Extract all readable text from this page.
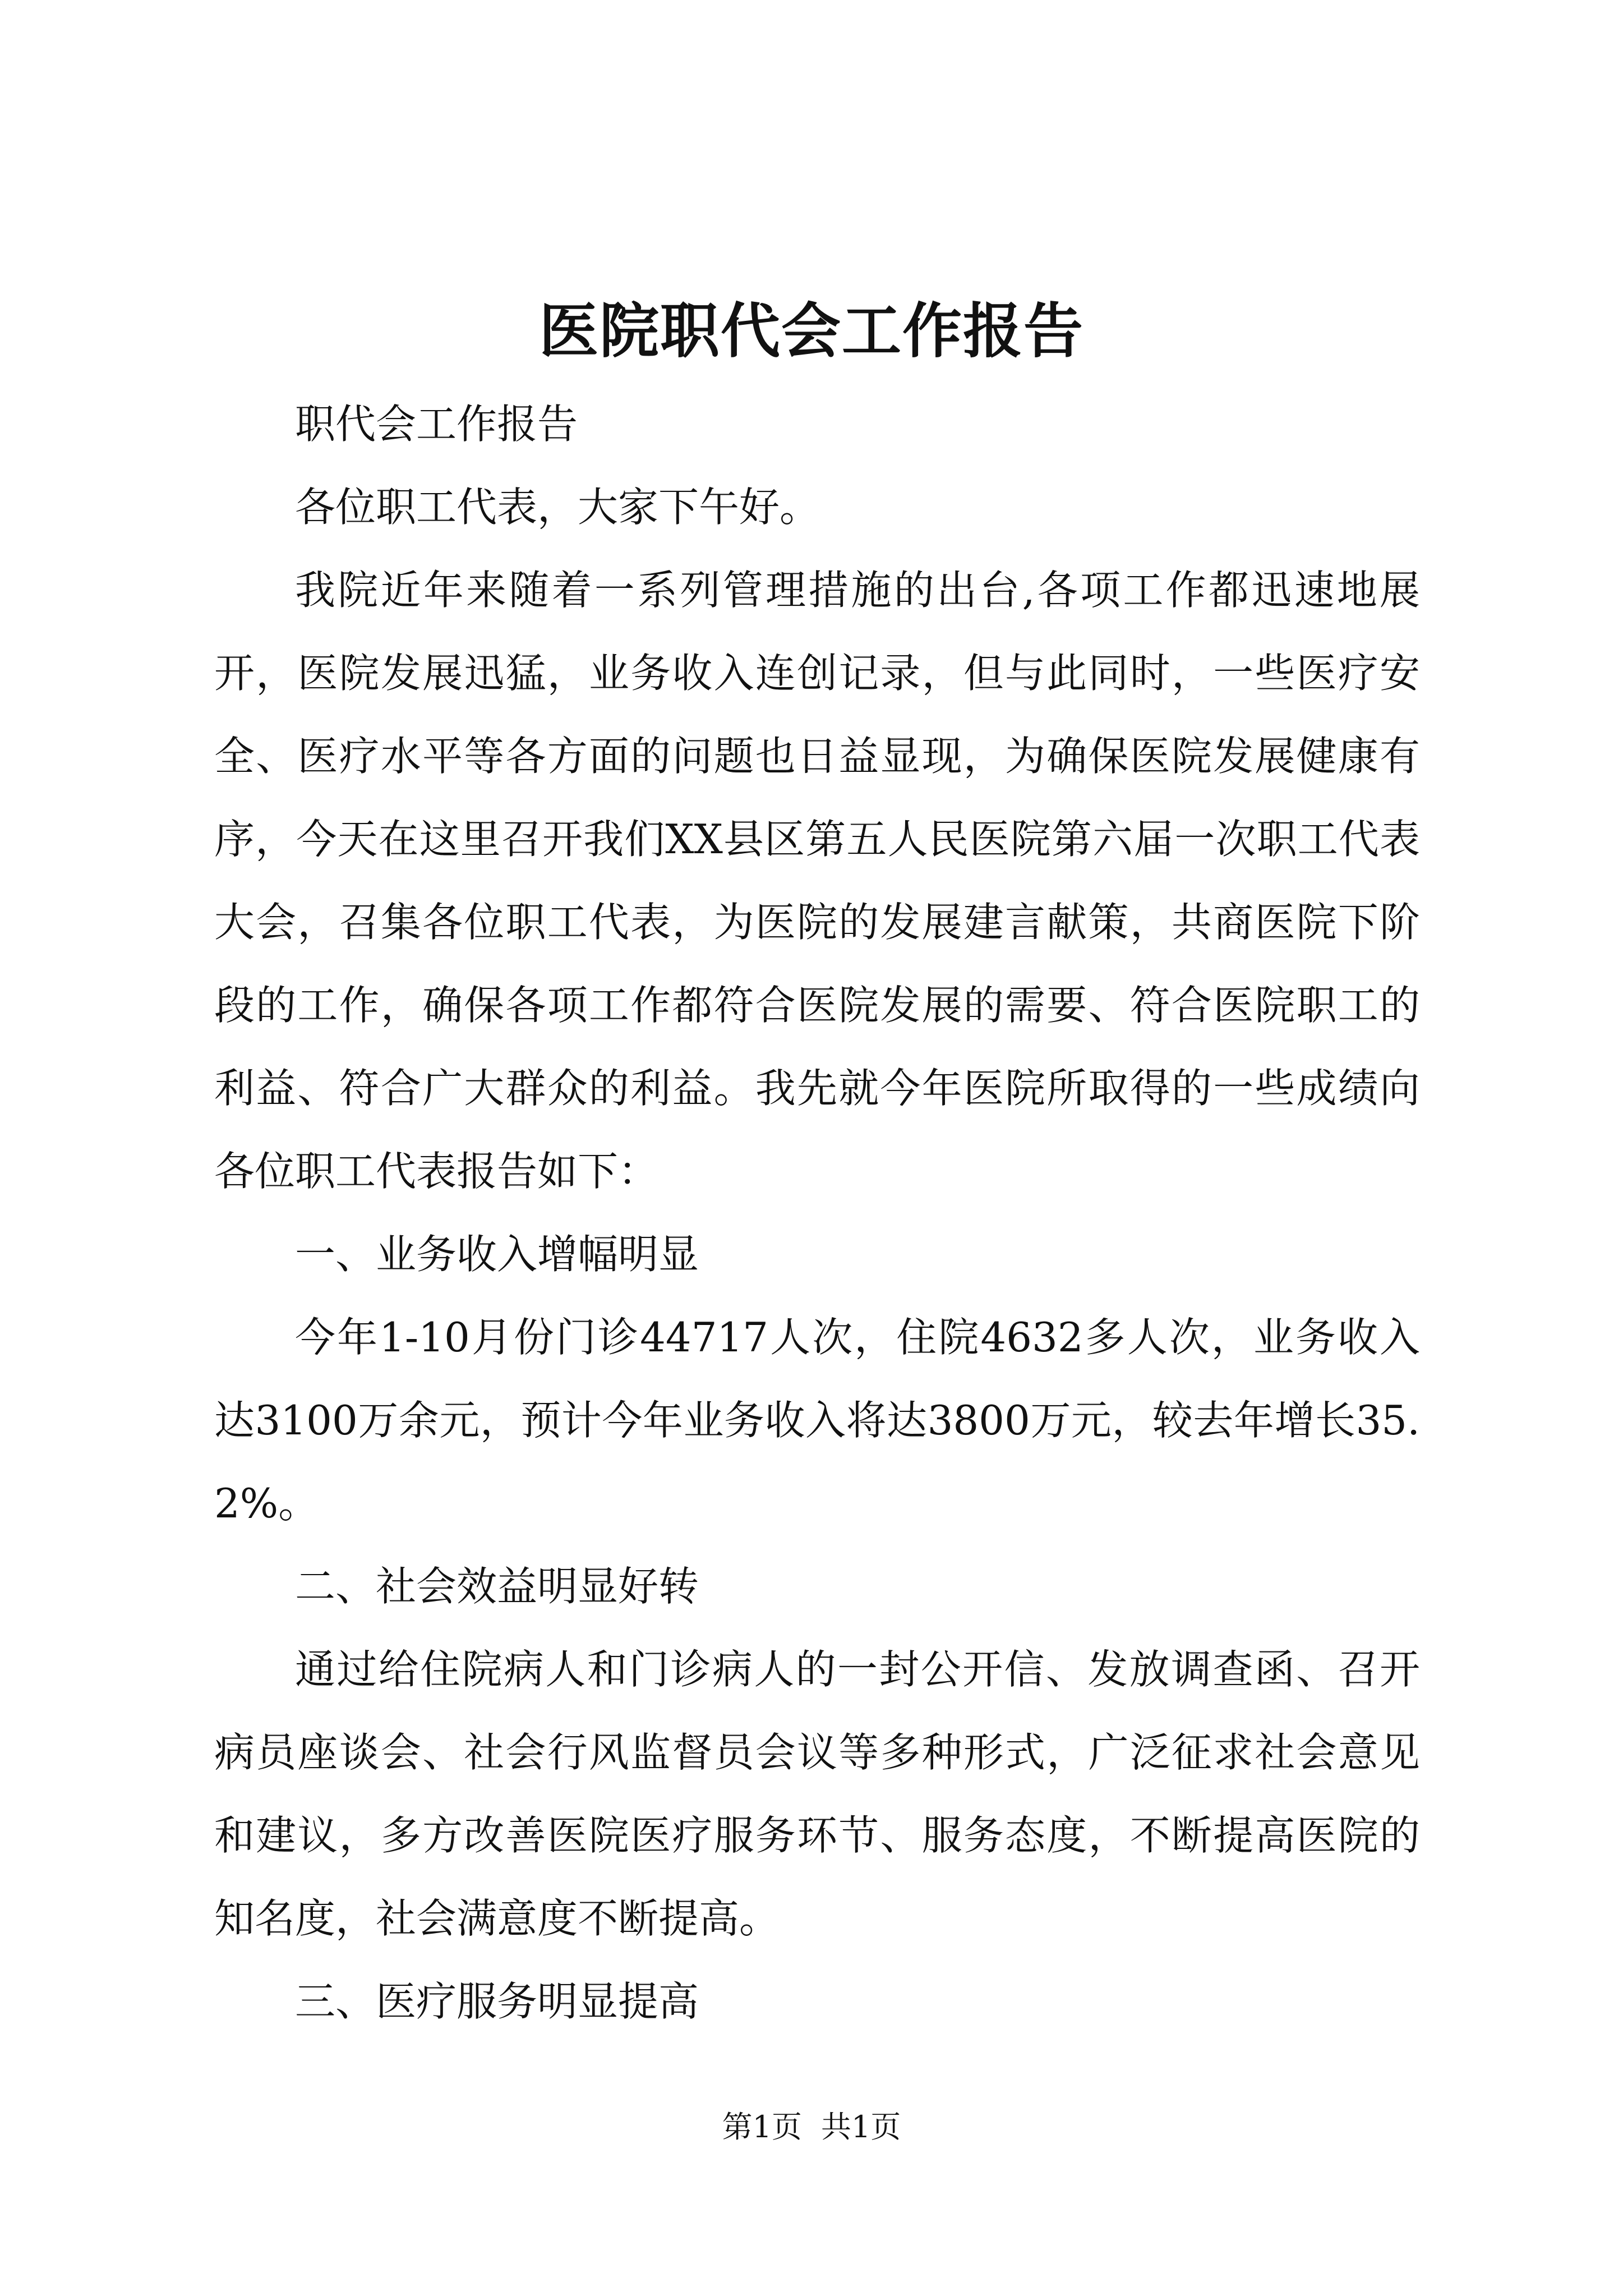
医院职代会工作报告

职代会工作报告

各位职工代表，大家下午好。

我院近年来随着一系列管理措施的出台,各项工作都迅速地展开，医院发展迅猛，业务收入连创记录，但与此同时，一些医疗安全、医疗水平等各方面的问题也日益显现，为确保医院发展健康有序，今天在这里召开我们XX县区第五人民医院第六届一次职工代表大会，召集各位职工代表，为医院的发展建言献策，共商医院下阶段的工作，确保各项工作都符合医院发展的需要、符合医院职工的利益、符合广大群众的利益。我先就今年医院所取得的一些成绩向各位职工代表报告如下：

一、业务收入增幅明显

今年1-10月份门诊44717人次，住院4632多人次，业务收入达3100万余元，预计今年业务收入将达3800万元，较去年增长35.2%。

二、社会效益明显好转

通过给住院病人和门诊病人的一封公开信、发放调查函、召开病员座谈会、社会行风监督员会议等多种形式，广泛征求社会意见和建议，多方改善医院医疗服务环节、服务态度，不断提高医院的知名度，社会满意度不断提高。

三、医疗服务明显提高

第1页 共1页
